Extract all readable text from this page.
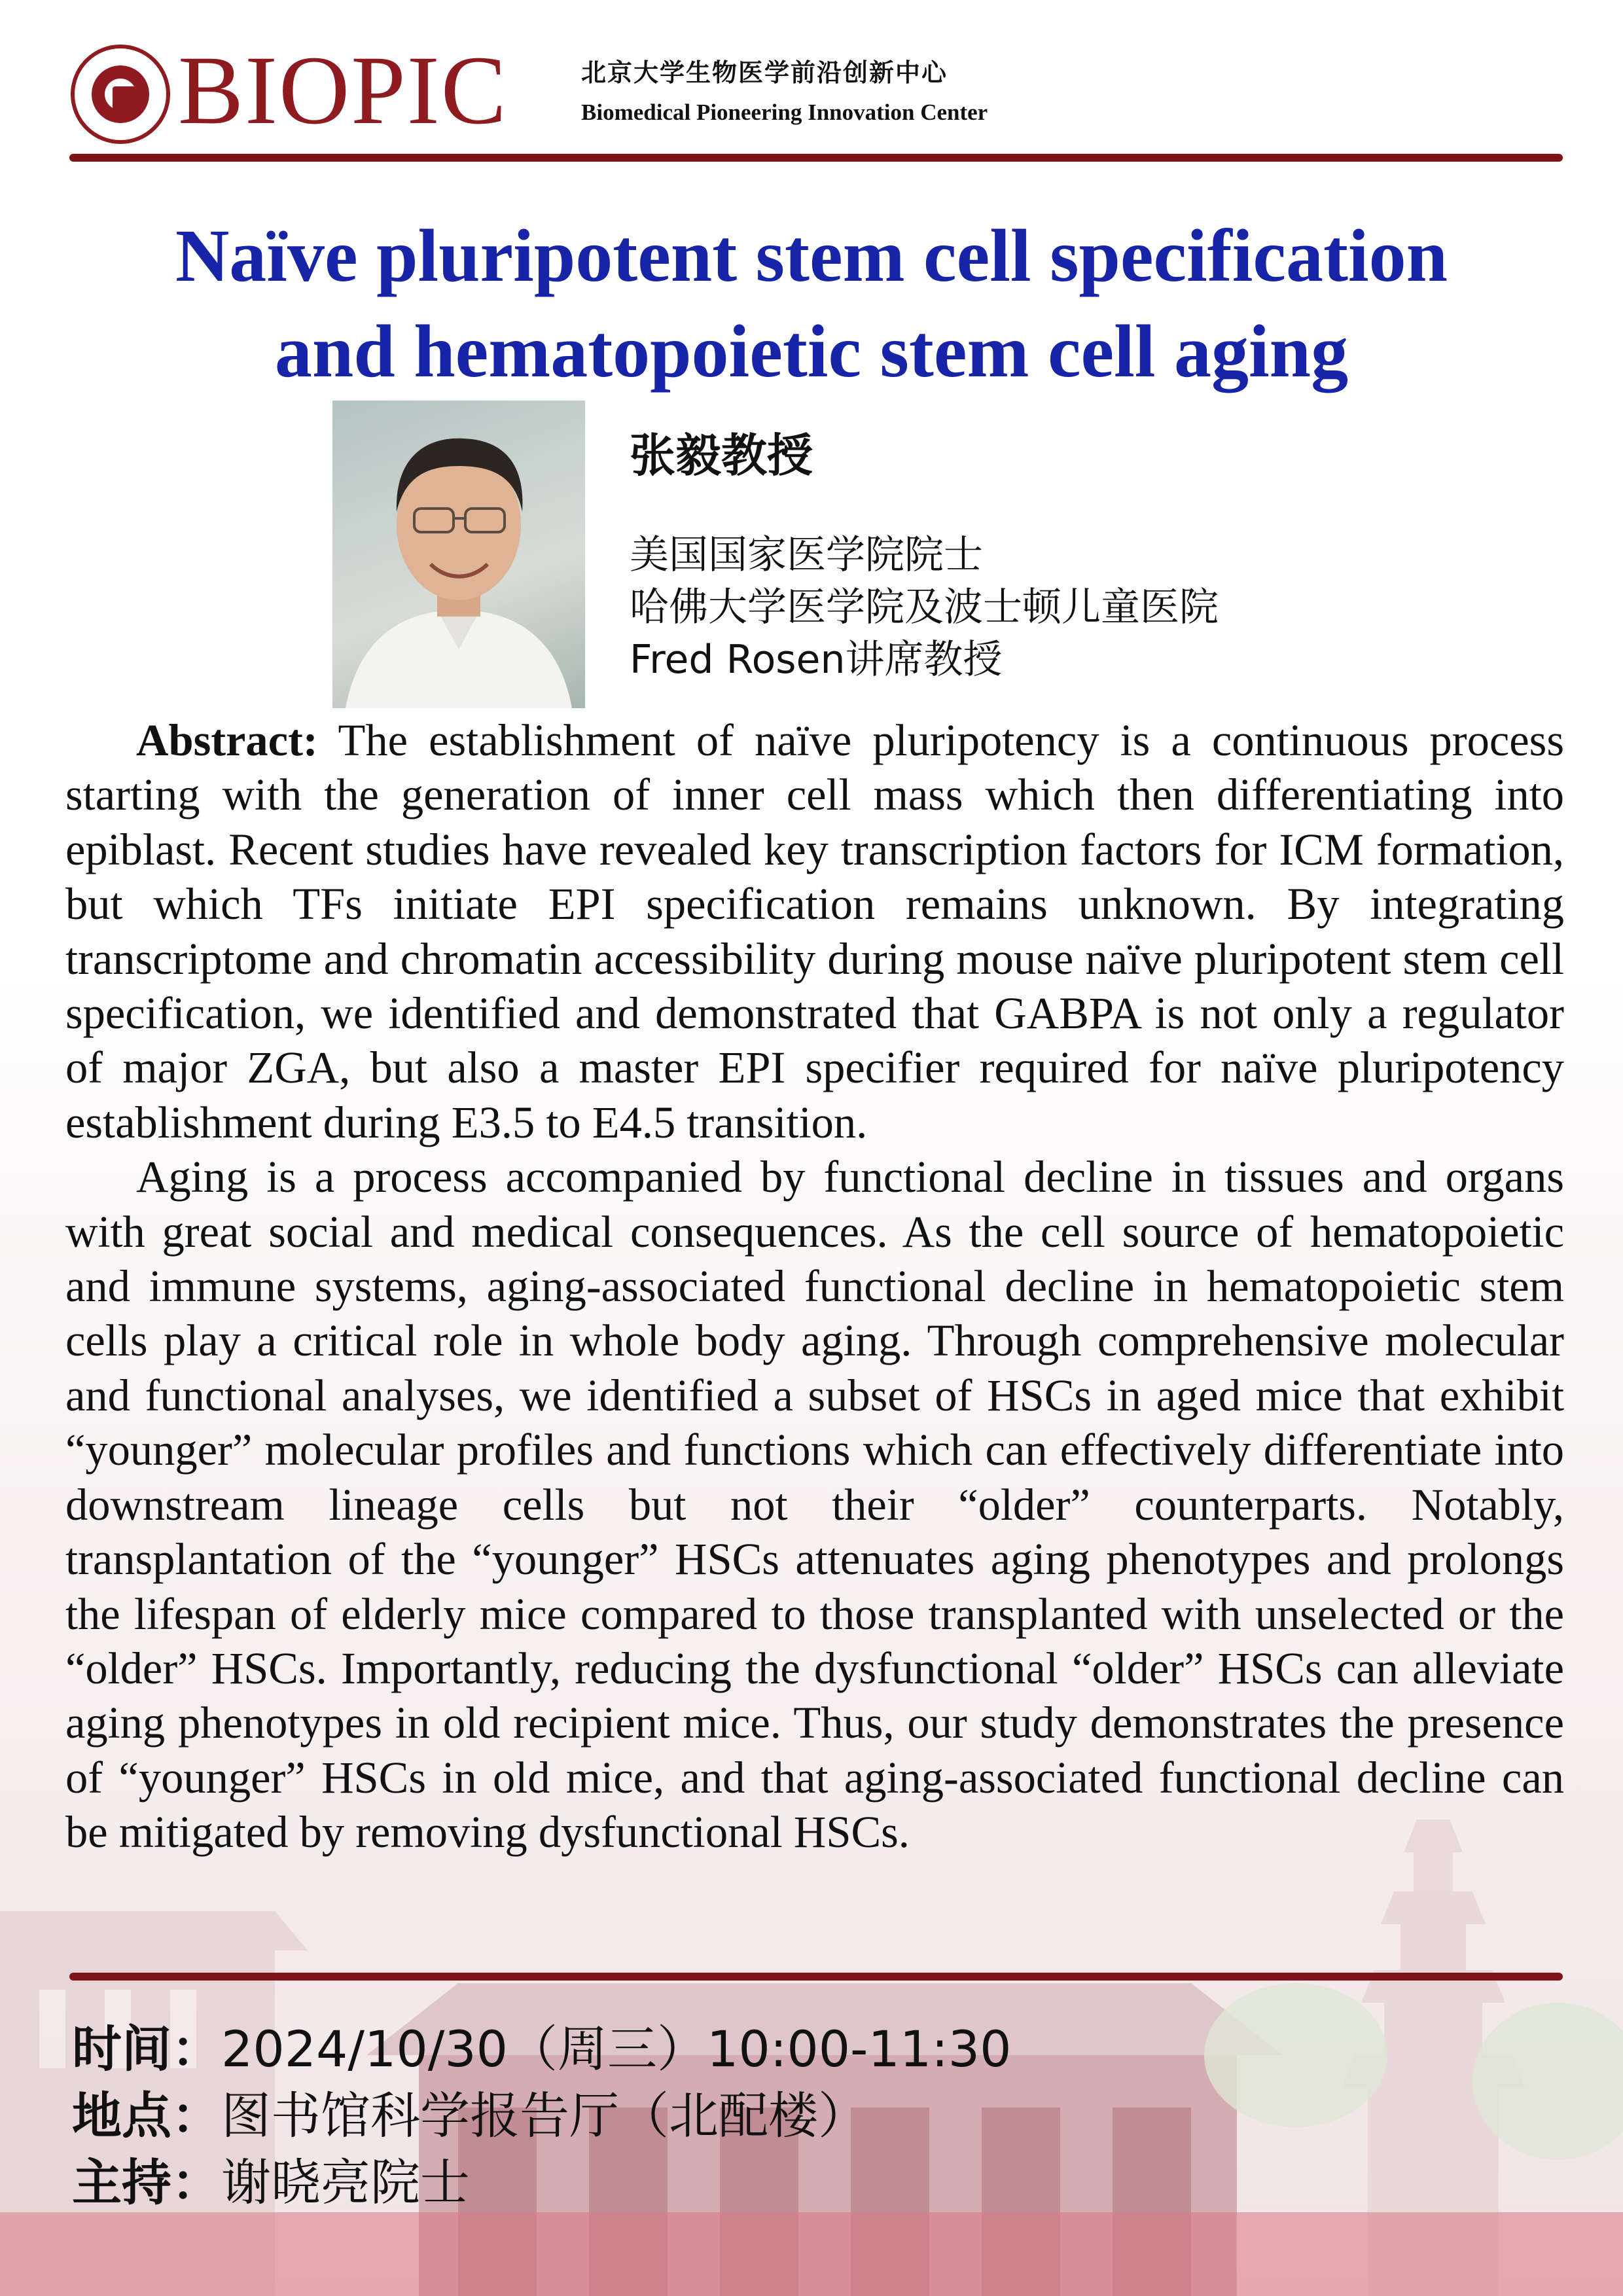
BIOPIC	北京大学生物医学前沿创新中心
Biomedical Pioneering Innovation Center
Naïve pluripotent stem cell specification
and hematopoietic stem cell aging
张毅教授
美国国家医学院院士
哈佛大学医学院及波士顿儿童医院
Fred Rosen讲席教授

Abstract: The establishment of naïve pluripotency is a continuous process starting with the generation of inner cell mass which then differentiating into epiblast. Recent studies have revealed key transcription factors for ICM formation, but which TFs initiate EPI specification remains unknown. By integrating transcriptome and chromatin accessibility during mouse naïve pluripotent stem cell specification, we identified and demonstrated that GABPA is not only a regulator of major ZGA, but also a master EPI specifier required for naïve pluripotency establishment during E3.5 to E4.5 transition.

Aging is a process accompanied by functional decline in tissues and organs with great social and medical consequences. As the cell source of hematopoietic and immune systems, aging-associated functional decline in hematopoietic stem cells play a critical role in whole body aging. Through comprehensive molecular and functional analyses, we identified a subset of HSCs in aged mice that exhibit “younger” molecular profiles and functions which can effectively differentiate into downstream lineage cells but not their “older” counterparts. Notably, transplantation of the “younger” HSCs attenuates aging phenotypes and prolongs the lifespan of elderly mice compared to those transplanted with unselected or the “older” HSCs. Importantly, reducing the dysfunctional “older” HSCs can alleviate aging phenotypes in old recipient mice. Thus, our study demonstrates the presence of “younger” HSCs in old mice, and that aging-associated functional decline can be mitigated by removing dysfunctional HSCs.

时间：2024/10/30（周三）10:00-11:30
地点：图书馆科学报告厅（北配楼）
主持：谢晓亮院士
